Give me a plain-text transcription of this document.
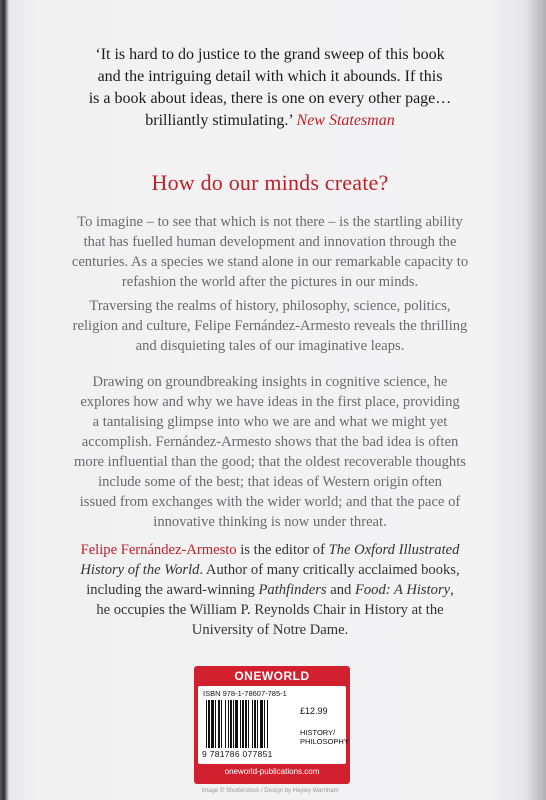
‘It is hard to do justice to the grand sweep of this book
and the intriguing detail with which it abounds. If this
is a book about ideas, there is one on every other page…
brilliantly stimulating.’ New Statesman
How do our minds create?
To imagine – to see that which is not there – is the startling ability
that has fuelled human development and innovation through the
centuries. As a species we stand alone in our remarkable capacity to
refashion the world after the pictures in our minds.
Traversing the realms of history, philosophy, science, politics,
religion and culture, Felipe Fernández-Armesto reveals the thrilling
and disquieting tales of our imaginative leaps.
Drawing on groundbreaking insights in cognitive science, he
explores how and why we have ideas in the first place, providing
a tantalising glimpse into who we are and what we might yet
accomplish. Fernández-Armesto shows that the bad idea is often
more influential than the good; that the oldest recoverable thoughts
include some of the best; that ideas of Western origin often
issued from exchanges with the wider world; and that the pace of
innovative thinking is now under threat.
Felipe Fernández-Armesto is the editor of The Oxford Illustrated
History of the World. Author of many critically acclaimed books,
including the award-winning Pathfinders and Food: A History,
he occupies the William P. Reynolds Chair in History at the
University of Notre Dame.
ONEWORLD
ISBN 978-1-78607-785-1
9 781786 077851
£12.99
HISTORY/
PHILOSOPHY
oneworld-publications.com
Image © Shutterstock / Design by Hayley Warnham
